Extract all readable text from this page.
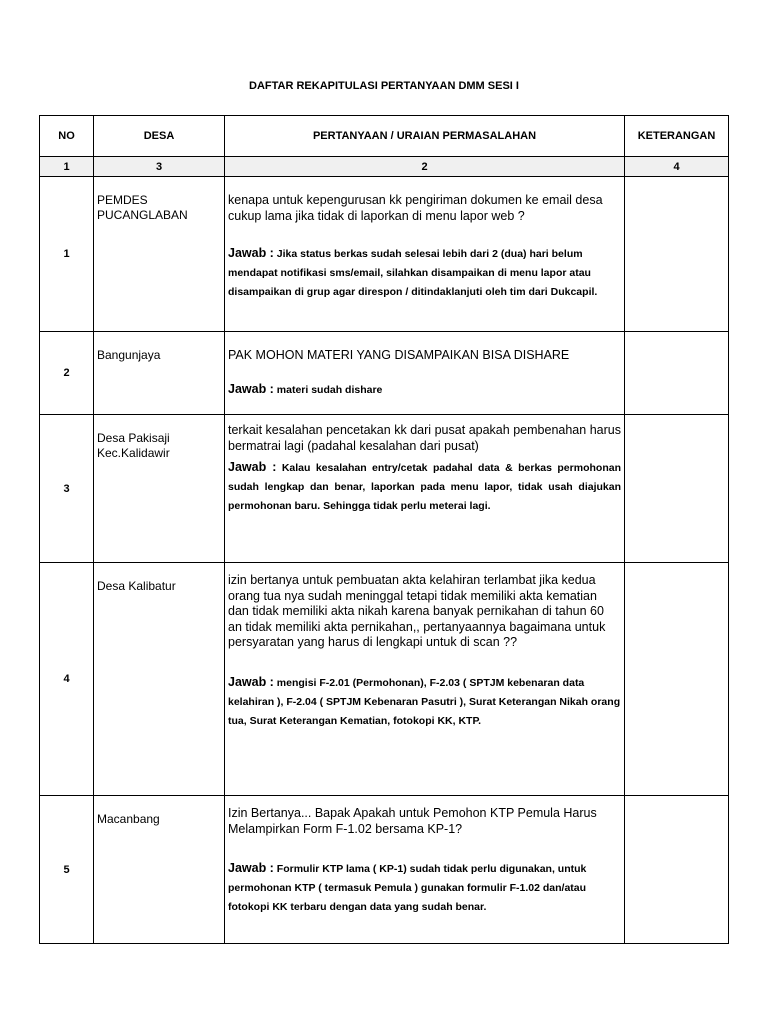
DAFTAR REKAPITULASI PERTANYAAN DMM SESI I
NO	DESA	PERTANYAAN / URAIAN PERMASALAHAN	KETERANGAN
1	3	2	4
1	PEMDES PUCANGLABAN	kenapa untuk kepengurusan kk pengiriman dokumen ke email desa cukup lama jika tidak di laporkan di menu lapor web ?
Jawab : Jika status berkas sudah selesai lebih dari 2 (dua) hari belum mendapat notifikasi sms/email, silahkan disampaikan di menu lapor atau disampaikan di grup agar direspon / ditindaklanjuti oleh tim dari Dukcapil.	

2	Bangunjaya	PAK MOHON MATERI YANG DISAMPAIKAN BISA DISHARE
Jawab : materi sudah dishare	

3	Desa Pakisaji Kec.Kalidawir	terkait kesalahan pencetakan kk dari pusat apakah pembenahan harus bermatrai lagi (padahal kesalahan dari pusat)
Jawab : Kalau kesalahan entry/cetak padahal data & berkas permohonan sudah lengkap dan benar, laporkan pada menu lapor, tidak usah diajukan permohonan baru. Sehingga tidak perlu meterai lagi.	

4	Desa Kalibatur	izin bertanya untuk pembuatan akta kelahiran terlambat jika kedua orang tua nya sudah meninggal tetapi tidak memiliki akta kematian dan tidak memiliki akta nikah karena banyak pernikahan di tahun 60 an tidak memiliki akta pernikahan,, pertanyaannya bagaimana untuk persyaratan yang harus di lengkapi untuk di scan ??
Jawab : mengisi F-2.01 (Permohonan), F-2.03 ( SPTJM kebenaran data kelahiran ), F-2.04 ( SPTJM Kebenaran Pasutri ), Surat Keterangan Nikah orang tua, Surat Keterangan Kematian, fotokopi KK, KTP.	

5	Macanbang	Izin Bertanya... Bapak Apakah untuk Pemohon KTP Pemula Harus Melampirkan Form F-1.02 bersama KP-1?
Jawab : Formulir KTP lama ( KP-1) sudah tidak perlu digunakan, untuk permohonan KTP ( termasuk Pemula ) gunakan formulir F-1.02 dan/atau fotokopi KK terbaru dengan data yang sudah benar.	
